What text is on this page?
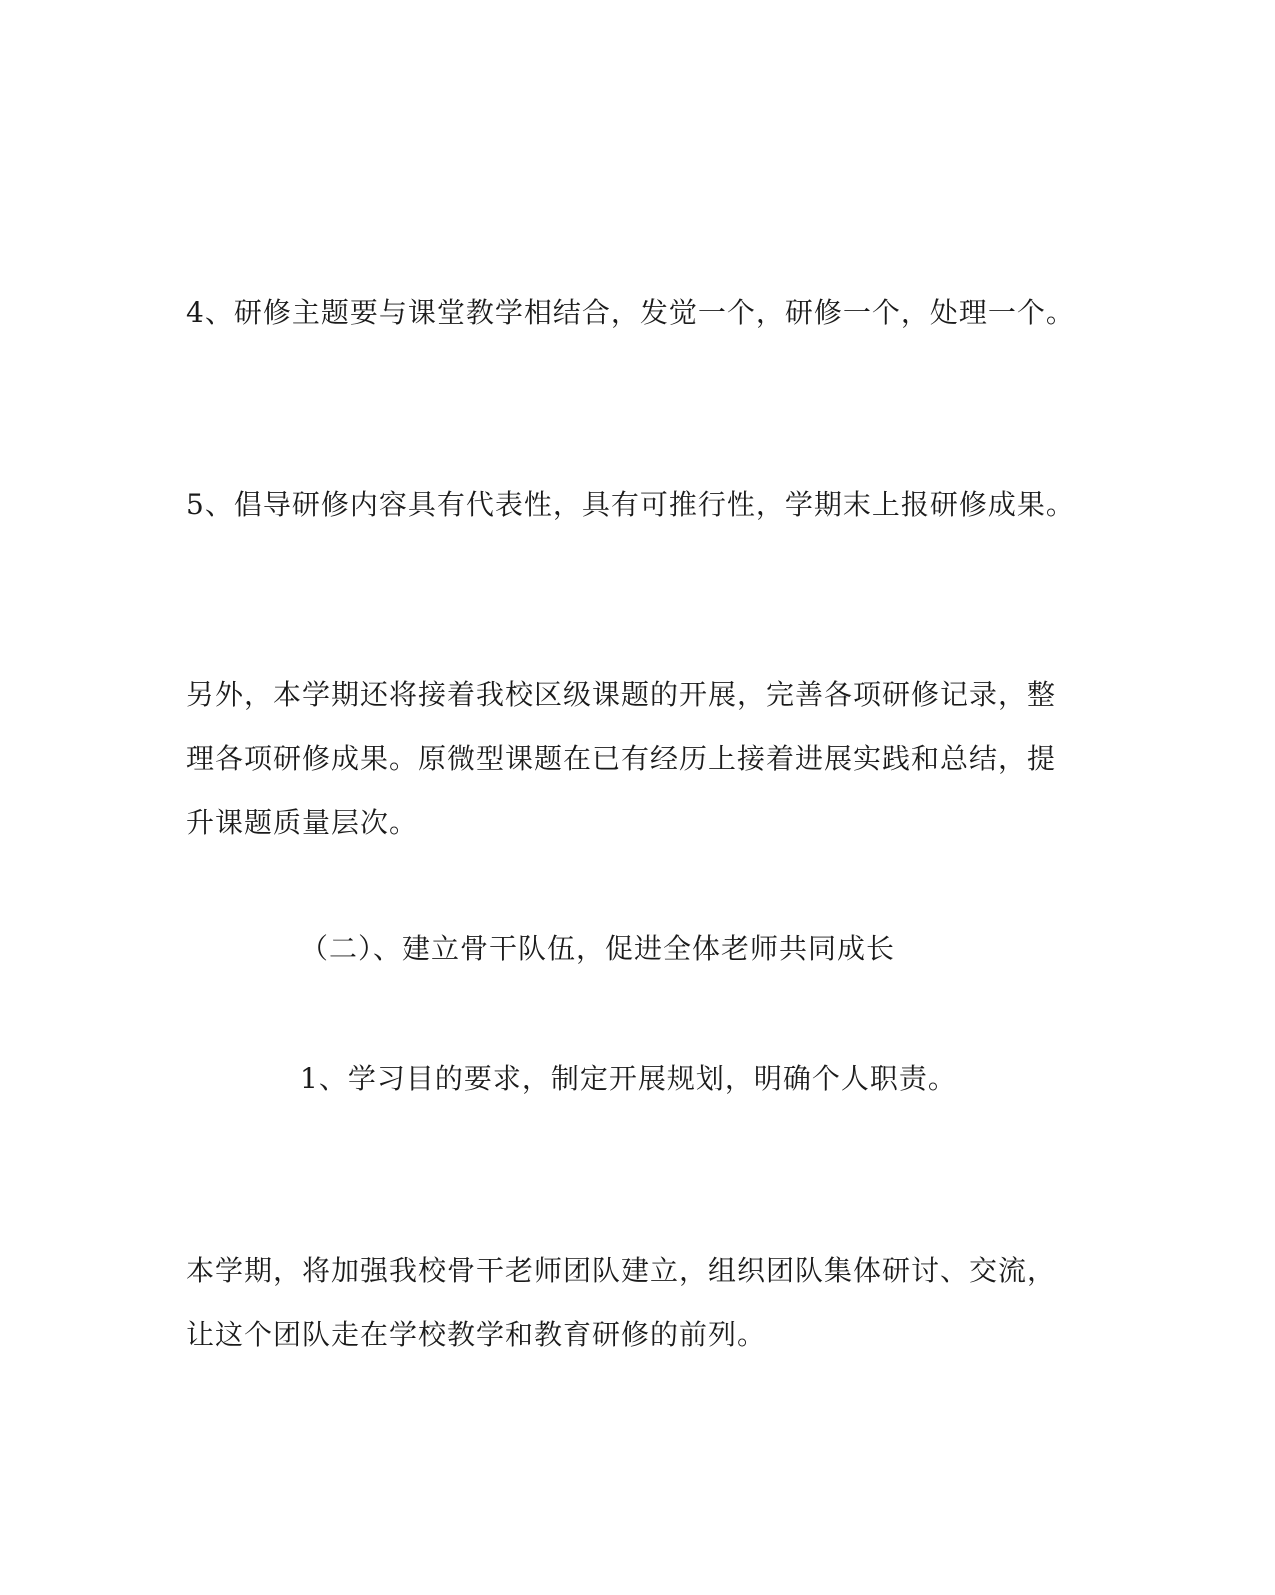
4、研修主题要与课堂教学相结合，发觉一个，研修一个，处理一个。
5、倡导研修内容具有代表性，具有可推行性，学期末上报研修成果。
另外，本学期还将接着我校区级课题的开展，完善各项研修记录，整
理各项研修成果。原微型课题在已有经历上接着进展实践和总结，提
升课题质量层次。
（二）、建立骨干队伍，促进全体老师共同成长
1、学习目的要求，制定开展规划，明确个人职责。
本学期，将加强我校骨干老师团队建立，组织团队集体研讨、交流，
让这个团队走在学校教学和教育研修的前列。
